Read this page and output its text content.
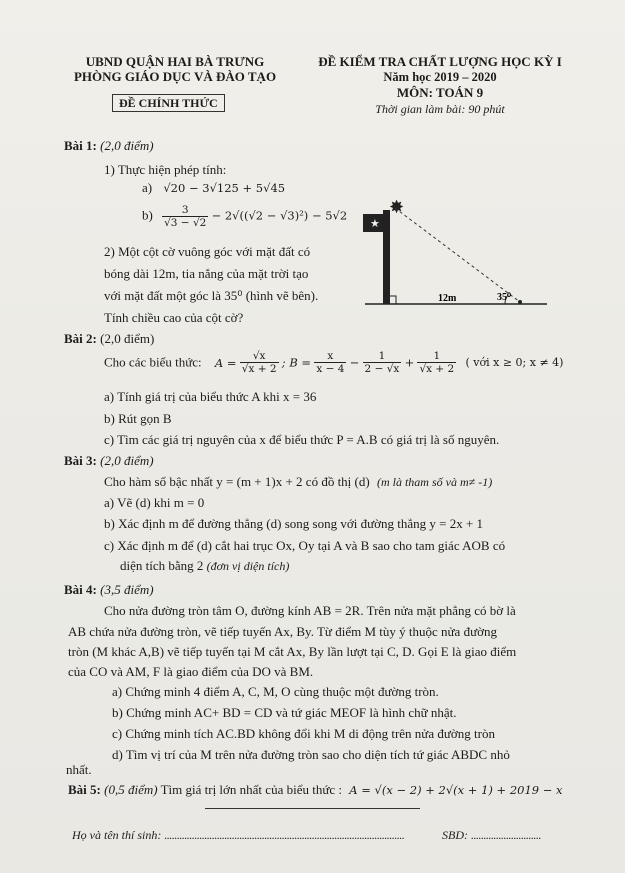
UBND QUẬN HAI BÀ TRƯNG
PHÒNG GIÁO DỤC VÀ ĐÀO TẠO
ĐỀ CHÍNH THỨC
ĐỀ KIỂM TRA CHẤT LƯỢNG HỌC KỲ I
Năm học 2019 – 2020
MÔN: TOÁN 9
Thời gian làm bài: 90 phút
Bài 1: (2,0 điểm)
1) Thực hiện phép tính:
a) √20 − 3√125 + 5√45
$b) \frac{3}{√3 - √2} - 2√((√2 - √3)^2) - 5√2$
2) Một cột cờ vuông góc với mặt đất có
bóng dài 12m, tia nắng của mặt trời tạo
với mặt đất một góc là 35⁰ (hình vẽ bên).
Tính chiều cao của cột cờ?
★
✸
12m	35⁰
Bài 2: (2,0 điểm)
Cho các biểu thức: $A = \frac{√x}{√x + 2}$ ; $B = \frac{x}{x - 4} - \frac{1}{2 - √x} + \frac{1}{√x + 2}$ ( với x ≥ 0; x ≠ 4)
a) Tính giá trị của biểu thức A khi x = 36
b) Rút gọn B
c) Tìm các giá trị nguyên của x để biểu thức P = A.B có giá trị là số nguyên.
Bài 3: (2,0 điểm)
Cho hàm số bậc nhất y = (m + 1)x + 2 có đồ thị (d) (m là tham số và m≠ -1)
a) Vẽ (d) khi m = 0
b) Xác định m để đường thẳng (d) song song với đường thẳng y = 2x + 1
c) Xác định m để (d) cắt hai trục Ox, Oy tại A và B sao cho tam giác AOB có
diện tích bằng 2 (đơn vị diện tích)
Bài 4: (3,5 điểm)
Cho nửa đường tròn tâm O, đường kính AB = 2R. Trên nửa mặt phẳng có bờ là
AB chứa nửa đường tròn, vẽ tiếp tuyến Ax, By. Từ điểm M tùy ý thuộc nửa đường
tròn (M khác A,B) vẽ tiếp tuyến tại M cắt Ax, By lần lượt tại C, D. Gọi E là giao điểm
của CO và AM, F là giao điểm của DO và BM.
a) Chứng minh 4 điểm A, C, M, O cùng thuộc một đường tròn.
b) Chứng minh AC+ BD = CD và tứ giác MEOF là hình chữ nhật.
c) Chứng minh tích AC.BD không đổi khi M di động trên nửa đường tròn
d) Tìm vị trí của M trên nửa đường tròn sao cho diện tích tứ giác ABDC nhỏ
nhất.
Bài 5: (0,5 điểm) Tìm giá trị lớn nhất của biểu thức : A = √(x − 2) + 2√(x + 1) + 2019 − x
Họ và tên thí sinh: ................................................................................................	SBD: ............................
